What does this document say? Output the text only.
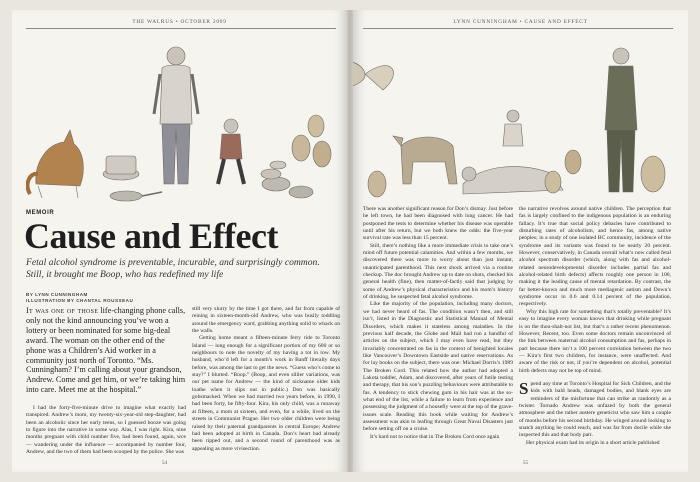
THE WALRUS • OCTOBER 2009
MEMOIR
Cause and Effect
Fetal alcohol syndrome is preventable, incurable, and surprisingly common. Still, it brought me Boop, who has redefined my life
BY LYNN CUNNINGHAM
ILLUSTRATION BY CHANTAL ROUSSEAU
It was one of those life-changing phone calls, only not the kind announcing you’ve won a lottery or been nominated for some big-deal award. The woman on the other end of the phone was a Children’s Aid worker in a community just north of Toronto. “Ms. Cunningham? I’m calling about your grandson, Andrew. Come and get him, or we’re taking him into care. Meet me at the hospital.”

I had the forty-five-minute drive to imagine what exactly had transpired. Andrew’s mom, my twenty-six-year-old step-daughter, had been an alcoholic since her early teens, so I guessed booze was going to figure into the narrative in some way. Alas, I was right. Kira, nine months pregnant with child number five, had been found, again, wce — wandering under the influence — accompanied by number four, Andrew, and the two of them had been scooped by the police. She was

still very slurry by the time I got there, and far from capable of reining in sixteen-month-old Andrew, who was busily toddling around the emergency ward, grabbing anything solid to whack on the walls.

Getting home meant a fifteen-minute ferry ride to Toronto Island — long enough for a significant portion of my 600 or so neighbours to note the novelty of my having a tot in tow. My husband, who’d left for a month’s work in Banff literally days before, was among the last to get the news. “Guess who’s come to stay?” I blurted. “Boop.” (Boop, and even sillier variations, was our pet name for Andrew — the kind of nickname older kids loathe when it slips out in public.) Don was basically gobsmacked. When we had married two years before, in 1990, I had been forty, he fifty-four. Kira, his only child, was a runaway at fifteen, a mom at sixteen, and even, for a while, lived on the streets in Communist Prague. Her two older children were being raised by their paternal grandparents in central Europe; Andrew had been adopted at birth in Canada. Don’s heart had already been ripped out, and a second round of parenthood was as appealing as more vivisection.

54
LYNN CUNNINGHAM • CAUSE AND EFFECT

There was another significant reason for Don’s dismay. Just before he left town, he had been diagnosed with lung cancer. He had postponed the tests to determine whether his disease was operable until after his return, but we both knew the odds: the five-year survival rate was less than 15 percent.

Still, there’s nothing like a more immediate crisis to take one’s mind off future potential calamities. And within a few months, we discovered there was more to worry about than just instant, unanticipated parenthood. This next shock arrived via a routine checkup. The doc brought Andrew up to date on shots, checked his general health (fine), then matter-of-factly said that judging by some of Andrew’s physical characteristics and his mom’s history of drinking, he suspected fetal alcohol syndrome.

Like the majority of the population, including many doctors, we had never heard of fas. The condition wasn’t then, and still isn’t, listed in the Diagnostic and Statistical Manual of Mental Disorders, which makes it stateless among maladies. In the previous half decade, the Globe and Mail had run a handful of articles on the subject, which I may even have read, but they invariably concentrated on fas in the context of benighted locales like Vancouver’s Downtown Eastside and native reservations. As for lay books on the subject, there was one: Michael Dorris’s 1989 The Broken Cord. This related how the author had adopted a Lakota toddler, Adam, and discovered, after years of futile testing and therapy, that his son’s puzzling behaviours were attributable to fas. A tendency to stick chewing gum in his hair was at the so-what end of the list, while a failure to learn from experience and possessing the judgment of a housefly were at the top of the grave-issues scale. Reading this book while waiting for Andrew’s assessment was akin to leafing through Great Naval Disasters just before setting off on a cruise.

It’s hard not to notice that in The Broken Cord once again

the narrative revolves around native children. The perception that fas is largely confined to the indigenous population is an enduring fallacy. It’s true that social policy debacles have contributed to disturbing rates of alcoholism, and hence fas, among native peoples; in a study of one isolated BC community, incidence of the syndrome and its variants was found to be nearly 20 percent. However, conservatively, in Canada overall what’s now called fetal alcohol spectrum disorder (which, along with fas and alcohol-related neurodevelopmental disorder includes partial fas and alcohol-related birth defects) affects roughly one person in 100, making it the leading cause of mental retardation. By contrast, the far better-known and much more mediagenic autism and Down’s syndrome occur in 0.6 and 0.14 percent of the population, respectively.

Why this high rate for something that’s totally preventable? It’s easy to imagine every woman knows that drinking while pregnant is on the thou-shalt-not list, but that’s a rather recent phenomenon. However, Recent, too. Even some doctors remain unconvinced of the link between maternal alcohol consumption and fas, perhaps in part because there isn’t a 100 percent correlation between the two — Kira’s first two children, for instance, were unaffected. And aware of the risk or not, if you’re dependent on alcohol, potential birth defects may not be top of mind.

Spend any time at Toronto’s Hospital for Sick Children, and the kids with bald heads, damaged bodies, and blank eyes are reminders of the misfortune that can strike as randomly as a twister. Tornado Andrew was unfazed by both the general atmosphere and the rather austere geneticist who saw him a couple of months before his second birthday. He winged around looking to snatch anything he could reach, and was far from docile while she inspected this and that body part.

Her physical exam had its origin in a short article published

55
